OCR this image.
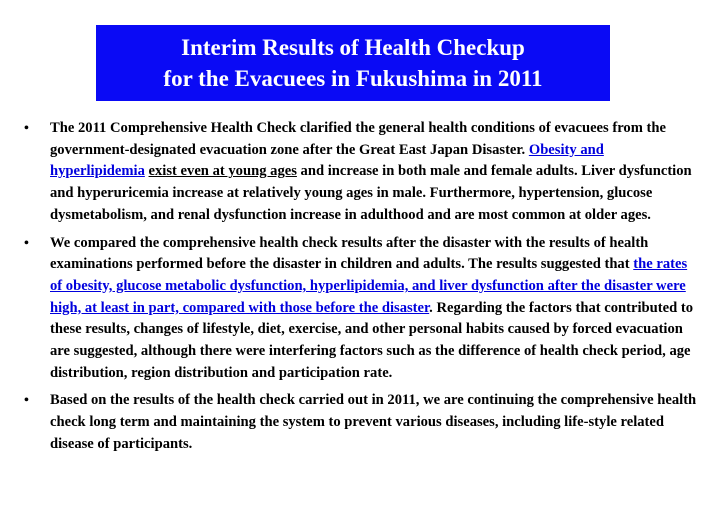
Interim Results of Health Checkup
for the Evacuees in Fukushima in 2011
• The 2011 Comprehensive Health Check clarified the general health conditions of evacuees from the government-designated evacuation zone after the Great East Japan Disaster. Obesity and hyperlipidemia exist even at young ages and increase in both male and female adults. Liver dysfunction and hyperuricemia increase at relatively young ages in male. Furthermore, hypertension, glucose dysmetabolism, and renal dysfunction increase in adulthood and are most common at older ages.
• We compared the comprehensive health check results after the disaster with the results of health examinations performed before the disaster in children and adults. The results suggested that the rates of obesity, glucose metabolic dysfunction, hyperlipidemia, and liver dysfunction after the disaster were high, at least in part, compared with those before the disaster. Regarding the factors that contributed to these results, changes of lifestyle, diet, exercise, and other personal habits caused by forced evacuation are suggested, although there were interfering factors such as the difference of health check period, age distribution, region distribution and participation rate.
• Based on the results of the health check carried out in 2011, we are continuing the comprehensive health check long term and maintaining the system to prevent various diseases, including life-style related disease of participants.
